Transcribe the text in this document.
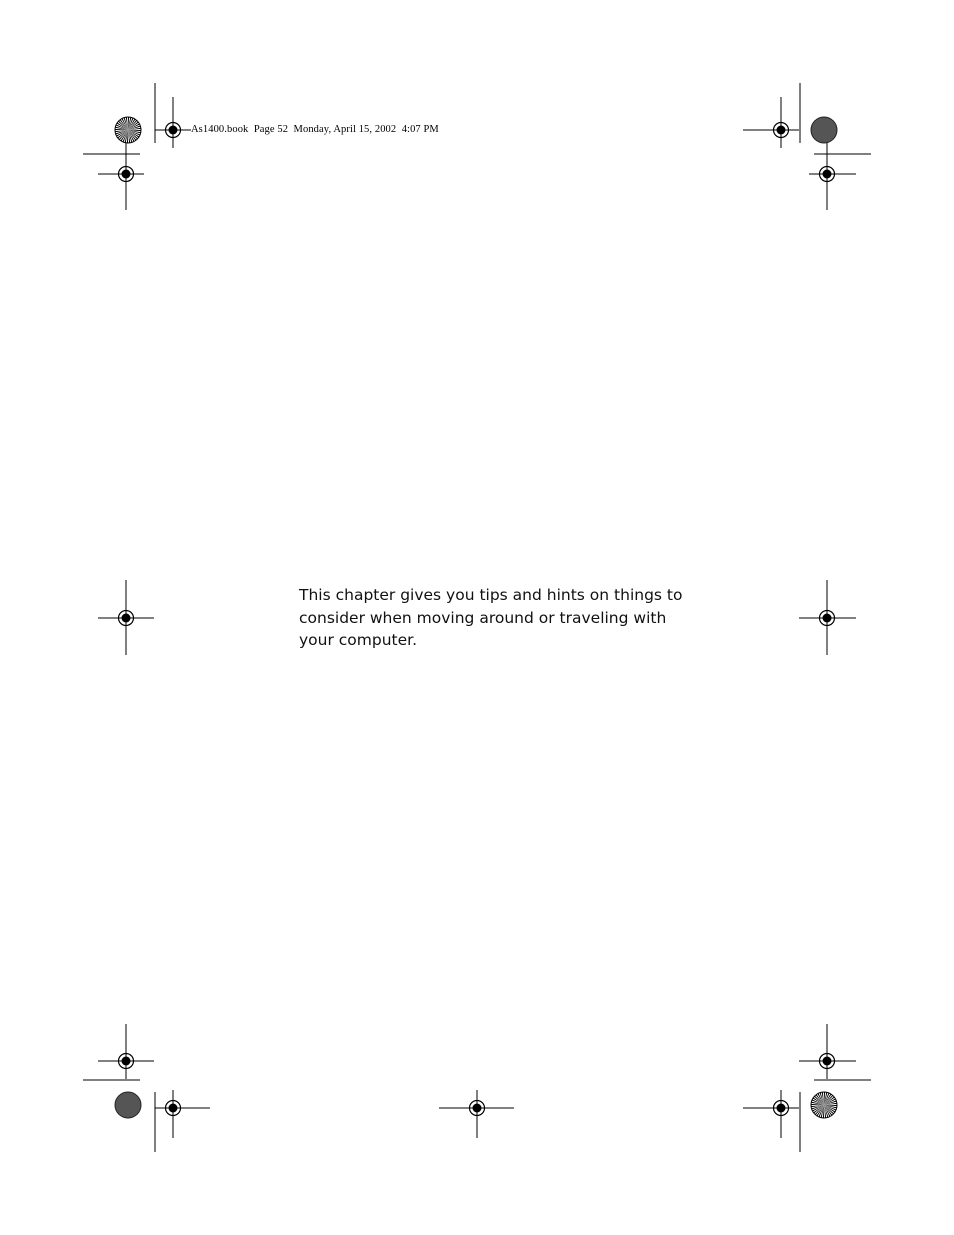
As1400.book  Page 52  Monday, April 15, 2002  4:07 PM
This chapter gives you tips and hints on things to
consider when moving around or traveling with
your computer.
